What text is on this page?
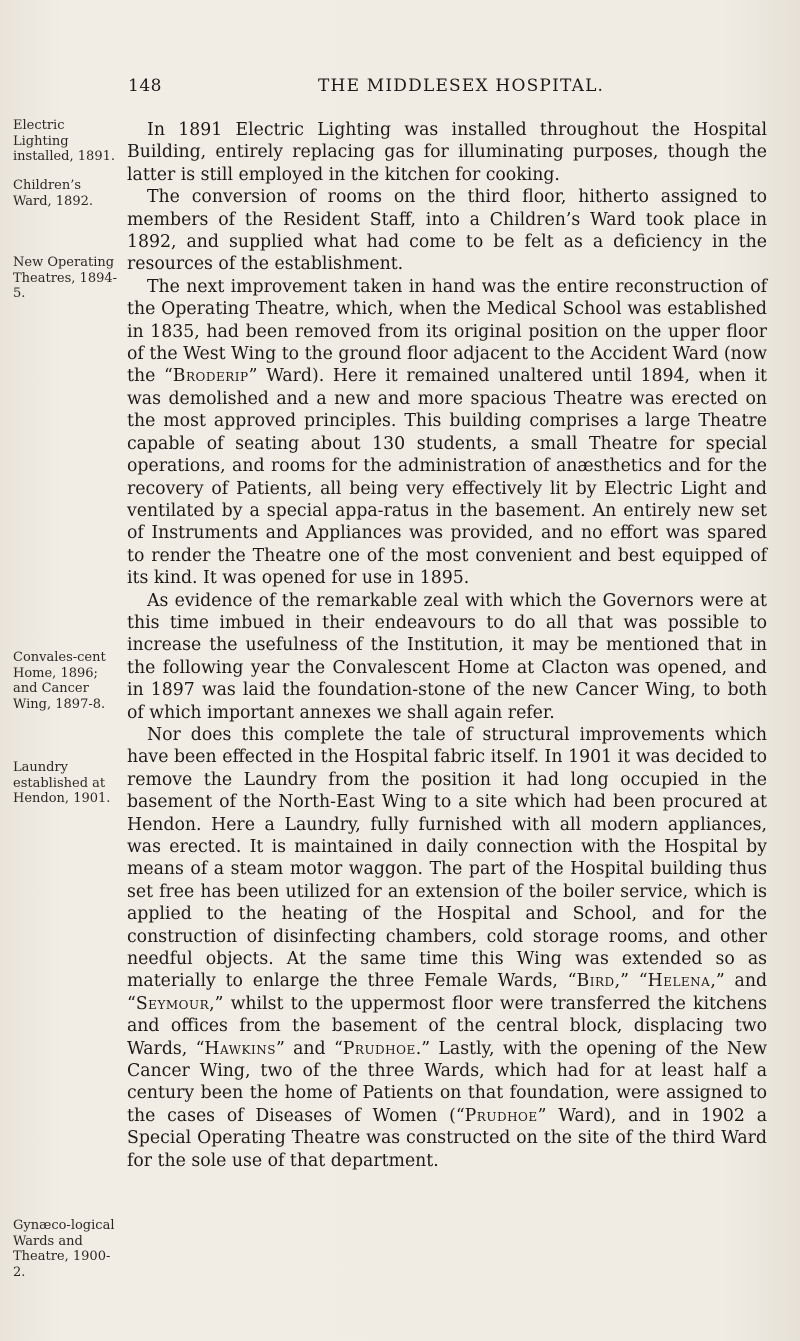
148	THE MIDDLESEX HOSPITAL.
Electric Lighting installed, 1891.
Children’s Ward, 1892.
New Operating Theatres, 1894-5.
Convales-cent Home, 1896; and Cancer Wing, 1897-8.
Laundry established at Hendon, 1901.
Gynæco-logical Wards and Theatre, 1900-2.

In 1891 Electric Lighting was installed throughout the Hospital Building, entirely replacing gas for illuminating purposes, though the latter is still employed in the kitchen for cooking.

The conversion of rooms on the third floor, hitherto assigned to members of the Resident Staff, into a Children’s Ward took place in 1892, and supplied what had come to be felt as a deficiency in the resources of the establishment.

The next improvement taken in hand was the entire reconstruction of the Operating Theatre, which, when the Medical School was established in 1835, had been removed from its original position on the upper floor of the West Wing to the ground floor adjacent to the Accident Ward (now the “Broderip” Ward). Here it remained unaltered until 1894, when it was demolished and a new and more spacious Theatre was erected on the most approved principles. This building comprises a large Theatre capable of seating about 130 students, a small Theatre for special operations, and rooms for the administration of anæsthetics and for the recovery of Patients, all being very effectively lit by Electric Light and ventilated by a special appa-ratus in the basement. An entirely new set of Instruments and Appliances was provided, and no effort was spared to render the Theatre one of the most convenient and best equipped of its kind. It was opened for use in 1895.

As evidence of the remarkable zeal with which the Governors were at this time imbued in their endeavours to do all that was possible to increase the usefulness of the Institution, it may be mentioned that in the following year the Convalescent Home at Clacton was opened, and in 1897 was laid the foundation-stone of the new Cancer Wing, to both of which important annexes we shall again refer.

Nor does this complete the tale of structural improvements which have been effected in the Hospital fabric itself. In 1901 it was decided to remove the Laundry from the position it had long occupied in the basement of the North-East Wing to a site which had been procured at Hendon. Here a Laundry, fully furnished with all modern appliances, was erected. It is maintained in daily connection with the Hospital by means of a steam motor waggon. The part of the Hospital building thus set free has been utilized for an extension of the boiler service, which is applied to the heating of the Hospital and School, and for the construction of disinfecting chambers, cold storage rooms, and other needful objects. At the same time this Wing was extended so as materially to enlarge the three Female Wards, “Bird,” “Helena,” and “Seymour,” whilst to the uppermost floor were transferred the kitchens and offices from the basement of the central block, displacing two Wards, “Hawkins” and “Prudhoe.” Lastly, with the opening of the New Cancer Wing, two of the three Wards, which had for at least half a century been the home of Patients on that foundation, were assigned to the cases of Diseases of Women (“Prudhoe” Ward), and in 1902 a Special Operating Theatre was constructed on the site of the third Ward for the sole use of that department.
